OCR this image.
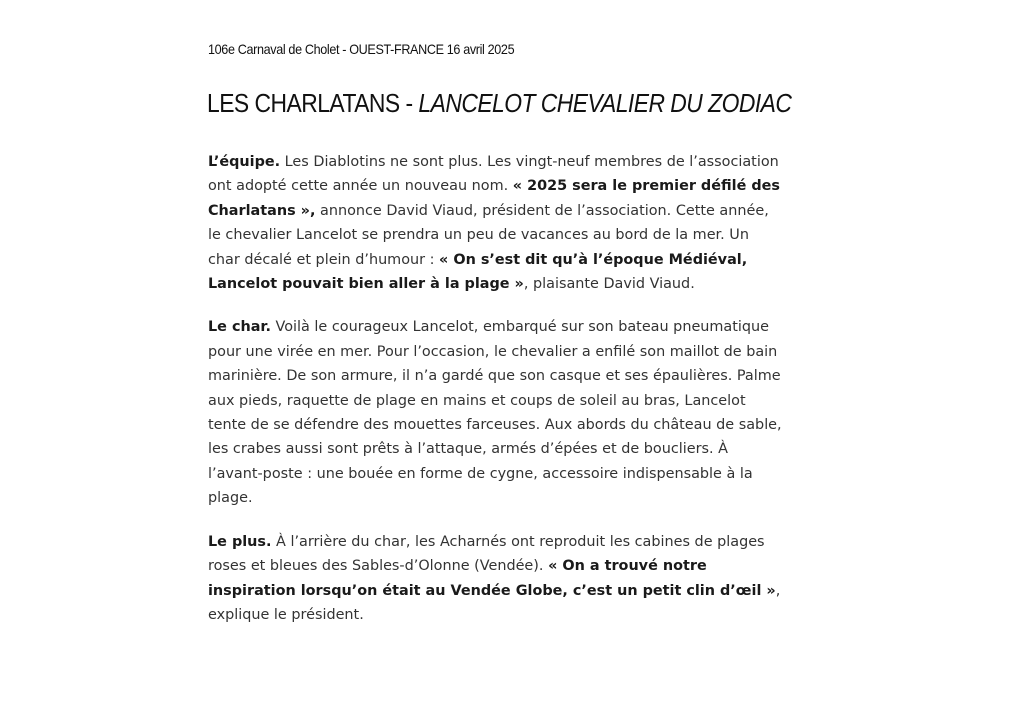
106e Carnaval de Cholet - OUEST-FRANCE 16 avril 2025
LES CHARLATANS - LANCELOT CHEVALIER DU ZODIAC

L’équipe. Les Diablotins ne sont plus. Les vingt-neuf membres de l’association ont adopté cette année un nouveau nom. « 2025 sera le premier défilé des Charlatans », annonce David Viaud, président de l’association. Cette année, le chevalier Lancelot se prendra un peu de vacances au bord de la mer. Un char décalé et plein d’humour : « On s’est dit qu’à l’époque Médiéval, Lancelot pouvait bien aller à la plage », plaisante David Viaud.

Le char. Voilà le courageux Lancelot, embarqué sur son bateau pneumatique pour une virée en mer. Pour l’occasion, le chevalier a enfilé son maillot de bain marinière. De son armure, il n’a gardé que son casque et ses épaulières. Palme aux pieds, raquette de plage en mains et coups de soleil au bras, Lancelot tente de se défendre des mouettes farceuses. Aux abords du château de sable, les crabes aussi sont prêts à l’attaque, armés d’épées et de boucliers. À l’avant-poste : une bouée en forme de cygne, accessoire indispensable à la plage.

Le plus. À l’arrière du char, les Acharnés ont reproduit les cabines de plages roses et bleues des Sables-d’Olonne (Vendée). « On a trouvé notre inspiration lorsqu’on était au Vendée Globe, c’est un petit clin d’œil », explique le président.
